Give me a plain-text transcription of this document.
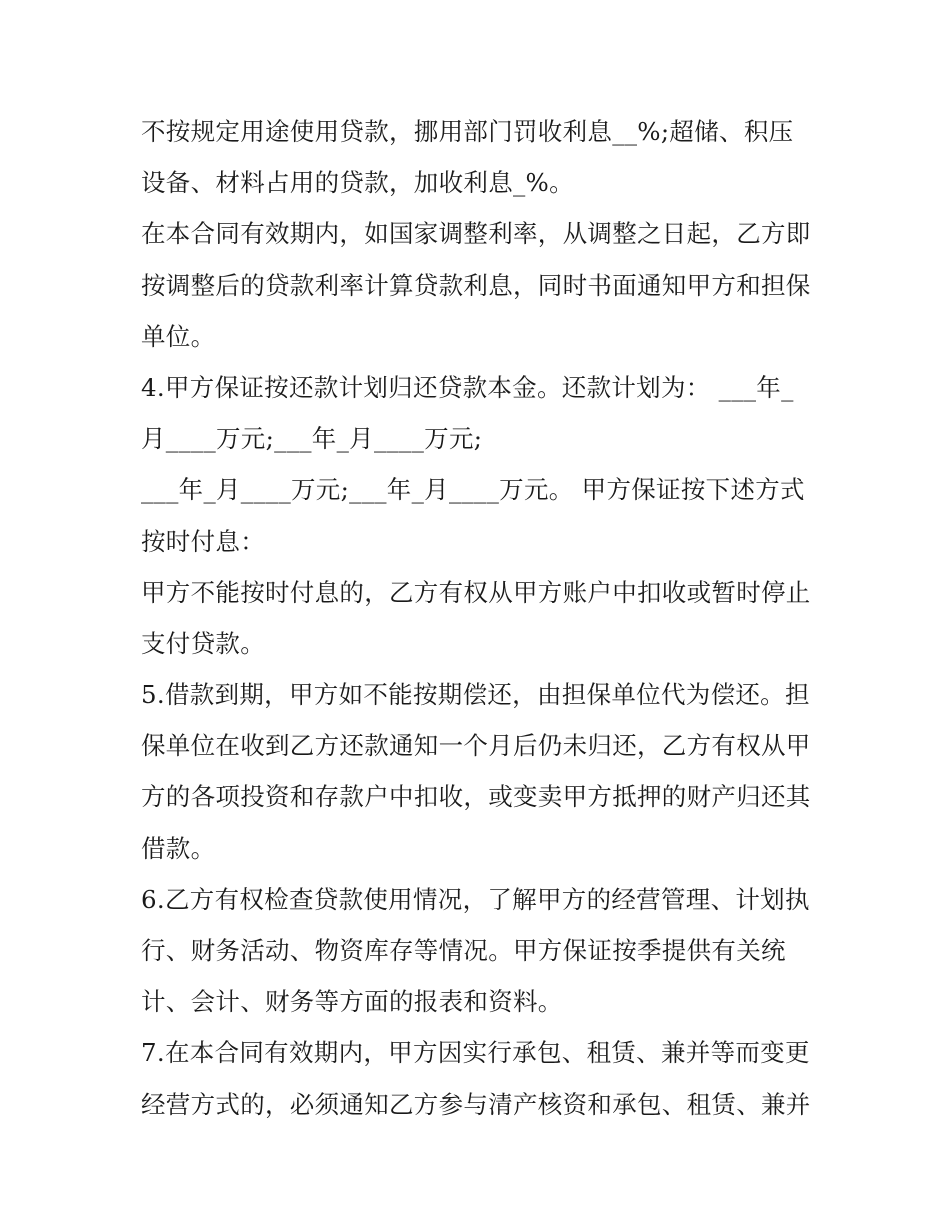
不按规定用途使用贷款，挪用部门罚收利息__%;超储、积压
设备、材料占用的贷款，加收利息_%。
在本合同有效期内，如国家调整利率，从调整之日起，乙方即
按调整后的贷款利率计算贷款利息，同时书面通知甲方和担保
单位。
4.甲方保证按还款计划归还贷款本金。还款计划为： ___年_
月____万元;___年_月____万元;
___年_月____万元;___年_月____万元。 甲方保证按下述方式
按时付息：
甲方不能按时付息的，乙方有权从甲方账户中扣收或暂时停止
支付贷款。
5.借款到期，甲方如不能按期偿还，由担保单位代为偿还。担
保单位在收到乙方还款通知一个月后仍未归还，乙方有权从甲
方的各项投资和存款户中扣收，或变卖甲方抵押的财产归还其
借款。
6.乙方有权检查贷款使用情况，了解甲方的经营管理、计划执
行、财务活动、物资库存等情况。甲方保证按季提供有关统
计、会计、财务等方面的报表和资料。
7.在本合同有效期内，甲方因实行承包、租赁、兼并等而变更
经营方式的，必须通知乙方参与清产核资和承包、租赁、兼并
